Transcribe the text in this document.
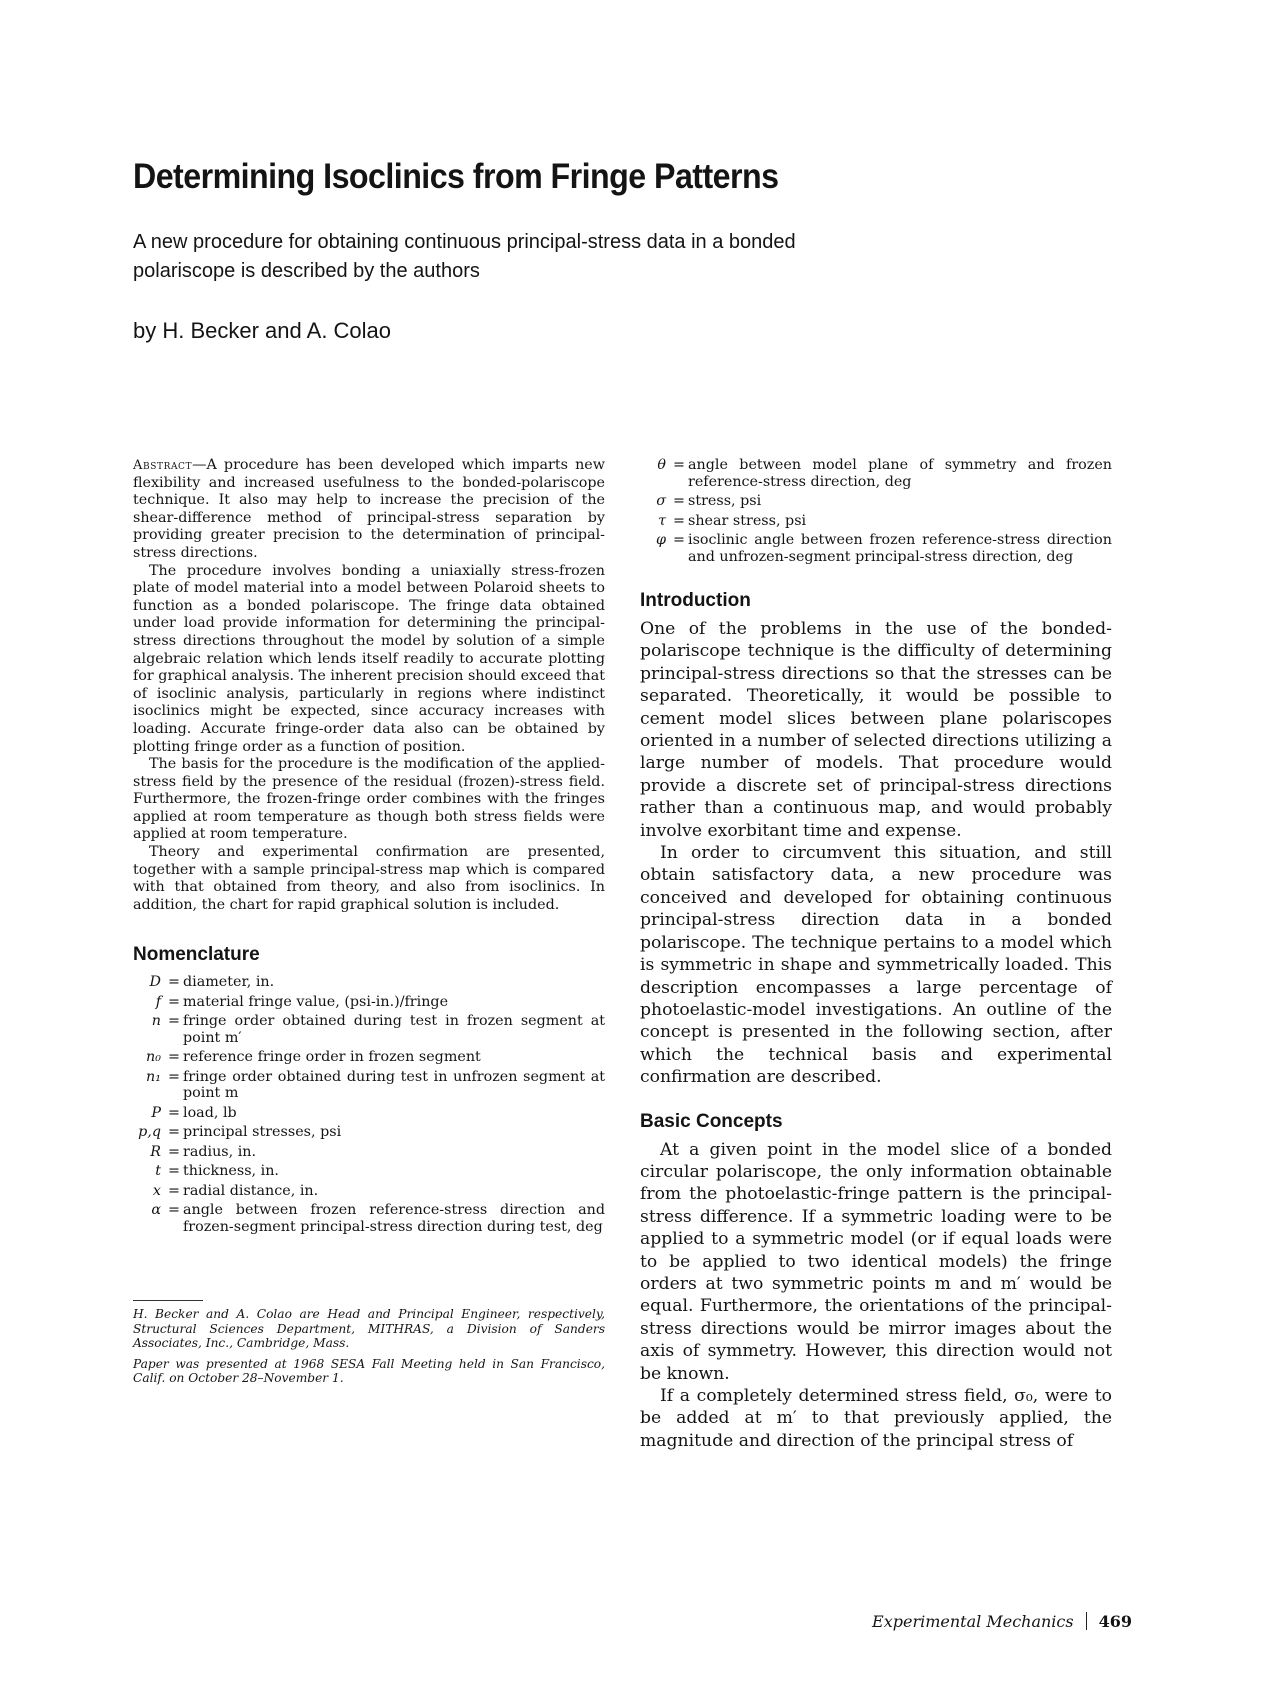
Determining Isoclinics from Fringe Patterns
A new procedure for obtaining continuous principal-stress data in a bonded polariscope is described by the authors
by H. Becker and A. Colao

Abstract—A procedure has been developed which imparts new flexibility and increased usefulness to the bonded-polariscope technique. It also may help to increase the precision of the shear-difference method of principal-stress separation by providing greater precision to the determination of principal-stress directions.

The procedure involves bonding a uniaxially stress-frozen plate of model material into a model between Polaroid sheets to function as a bonded polariscope. The fringe data obtained under load provide information for determining the principal-stress directions throughout the model by solution of a simple algebraic relation which lends itself readily to accurate plotting for graphical analysis. The inherent precision should exceed that of isoclinic analysis, particularly in regions where indistinct isoclinics might be expected, since accuracy increases with loading. Accurate fringe-order data also can be obtained by plotting fringe order as a function of position.

The basis for the procedure is the modification of the applied-stress field by the presence of the residual (frozen)-stress field. Furthermore, the frozen-fringe order combines with the fringes applied at room temperature as though both stress fields were applied at room temperature.

Theory and experimental confirmation are presented, together with a sample principal-stress map which is compared with that obtained from theory, and also from isoclinics. In addition, the chart for rapid graphical solution is included.

Nomenclature
D	=	diameter, in.
f	=	material fringe value, (psi-in.)/fringe
n	=	fringe order obtained during test in frozen segment at point m′
n₀	=	reference fringe order in frozen segment
n₁	=	fringe order obtained during test in unfrozen segment at point m
P	=	load, lb
p,q	=	principal stresses, psi
R	=	radius, in.
t	=	thickness, in.
x	=	radial distance, in.
α	=	angle between frozen reference-stress direction and frozen-segment principal-stress direction during test, deg

H. Becker and A. Colao are Head and Principal Engineer, respectively, Structural Sciences Department, MITHRAS, a Division of Sanders Associates, Inc., Cambridge, Mass.

Paper was presented at 1968 SESA Fall Meeting held in San Francisco, Calif. on October 28–November 1.

θ	=	angle between model plane of symmetry and frozen reference-stress direction, deg
σ	=	stress, psi
τ	=	shear stress, psi
φ	=	isoclinic angle between frozen reference-stress direction and unfrozen-segment principal-stress direction, deg
Introduction

One of the problems in the use of the bonded-polariscope technique is the difficulty of determining principal-stress directions so that the stresses can be separated. Theoretically, it would be possible to cement model slices between plane polariscopes oriented in a number of selected directions utilizing a large number of models. That procedure would provide a discrete set of principal-stress directions rather than a continuous map, and would probably involve exorbitant time and expense.

In order to circumvent this situation, and still obtain satisfactory data, a new procedure was conceived and developed for obtaining continuous principal-stress direction data in a bonded polariscope. The technique pertains to a model which is symmetric in shape and symmetrically loaded. This description encompasses a large percentage of photoelastic-model investigations. An outline of the concept is presented in the following section, after which the technical basis and experimental confirmation are described.

Basic Concepts

At a given point in the model slice of a bonded circular polariscope, the only information obtainable from the photoelastic-fringe pattern is the principal-stress difference. If a symmetric loading were to be applied to a symmetric model (or if equal loads were to be applied to two identical models) the fringe orders at two symmetric points m and m′ would be equal. Furthermore, the orientations of the principal-stress directions would be mirror images about the axis of symmetry. However, this direction would not be known.

If a completely determined stress field, σ₀, were to be added at m′ to that previously applied, the magnitude and direction of the principal stress of

Experimental Mechanics 469
